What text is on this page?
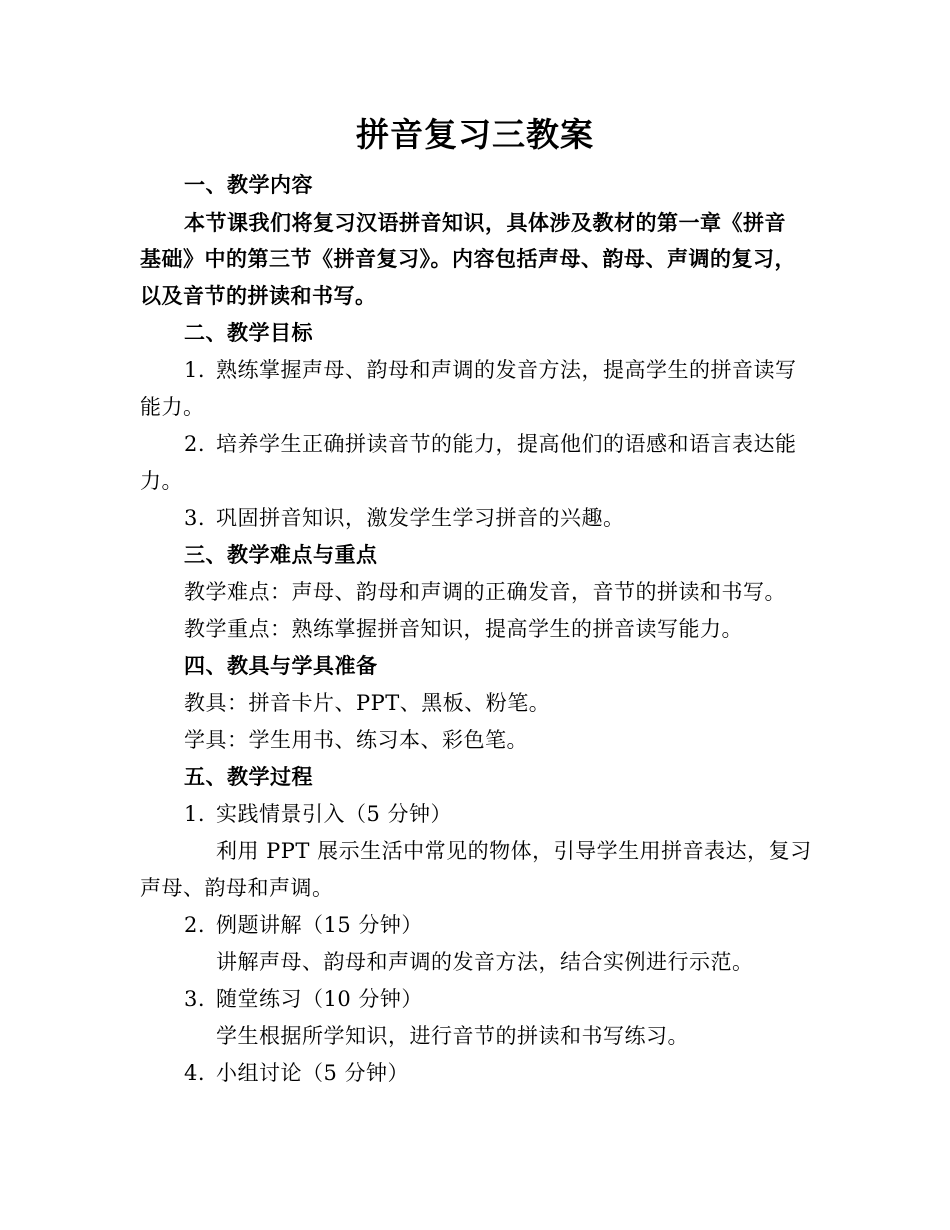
拼音复习三教案
一、教学内容
本节课我们将复习汉语拼音知识，具体涉及教材的第一章《拼音
基础》中的第三节《拼音复习》。内容包括声母、韵母、声调的复习，
以及音节的拼读和书写。
二、教学目标
1. 熟练掌握声母、韵母和声调的发音方法，提高学生的拼音读写
能力。
2. 培养学生正确拼读音节的能力，提高他们的语感和语言表达能
力。
3. 巩固拼音知识，激发学生学习拼音的兴趣。
三、教学难点与重点
教学难点：声母、韵母和声调的正确发音，音节的拼读和书写。
教学重点：熟练掌握拼音知识，提高学生的拼音读写能力。
四、教具与学具准备
教具：拼音卡片、PPT、黑板、粉笔。
学具：学生用书、练习本、彩色笔。
五、教学过程
1. 实践情景引入（5 分钟）
利用 PPT 展示生活中常见的物体，引导学生用拼音表达，复习
声母、韵母和声调。
2. 例题讲解（15 分钟）
讲解声母、韵母和声调的发音方法，结合实例进行示范。
3. 随堂练习（10 分钟）
学生根据所学知识，进行音节的拼读和书写练习。
4. 小组讨论（5 分钟）
